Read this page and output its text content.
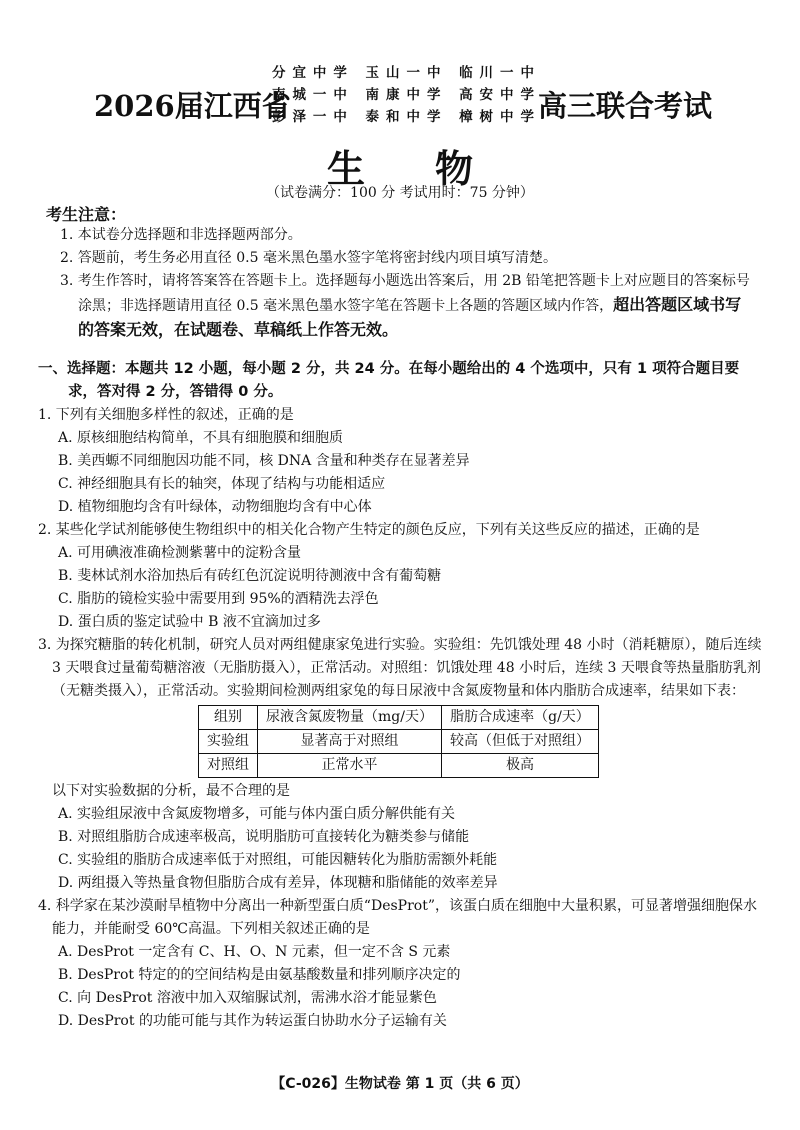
2026届江西省
分宜中学 玉山一中 临川一中
南城一中 南康中学 高安中学
彭泽一中 泰和中学 樟树中学 高三联合考试
生物
（试卷满分：100 分 考试用时：75 分钟）
考生注意：

1. 本试卷分选择题和非选择题两部分。

2. 答题前，考生务必用直径 0.5 毫米黑色墨水签字笔将密封线内项目填写清楚。

3. 考生作答时，请将答案答在答题卡上。选择题每小题选出答案后，用 2B 铅笔把答题卡上对应题目的答案标号涂黑；非选择题请用直径 0.5 毫米黑色墨水签字笔在答题卡上各题的答题区域内作答，超出答题区域书写的答案无效，在试题卷、草稿纸上作答无效。

一、选择题：本题共 12 小题，每小题 2 分，共 24 分。在每小题给出的 4 个选项中，只有 1 项符合题目要求，答对得 2 分，答错得 0 分。

1. 下列有关细胞多样性的叙述，正确的是

A. 原核细胞结构简单，不具有细胞膜和细胞质

B. 美西螈不同细胞因功能不同，核 DNA 含量和种类存在显著差异

C. 神经细胞具有长的轴突，体现了结构与功能相适应

D. 植物细胞均含有叶绿体，动物细胞均含有中心体

2. 某些化学试剂能够使生物组织中的相关化合物产生特定的颜色反应，下列有关这些反应的描述，正确的是

A. 可用碘液准确检测紫薯中的淀粉含量

B. 斐林试剂水浴加热后有砖红色沉淀说明待测液中含有葡萄糖

C. 脂肪的镜检实验中需要用到 95%的酒精洗去浮色

D. 蛋白质的鉴定试验中 B 液不宜滴加过多

3. 为探究糖脂的转化机制，研究人员对两组健康家兔进行实验。实验组：先饥饿处理 48 小时（消耗糖原），随后连续 3 天喂食过量葡萄糖溶液（无脂肪摄入），正常活动。对照组：饥饿处理 48 小时后，连续 3 天喂食等热量脂肪乳剂（无糖类摄入），正常活动。实验期间检测两组家兔的每日尿液中含氮废物量和体内脂肪合成速率，结果如下表：

组别	尿液含氮废物量（mg/天）	脂肪合成速率（g/天）
实验组	显著高于对照组	较高（但低于对照组）
对照组	正常水平	极高

以下对实验数据的分析，最不合理的是

A. 实验组尿液中含氮废物增多，可能与体内蛋白质分解供能有关

B. 对照组脂肪合成速率极高，说明脂肪可直接转化为糖类参与储能

C. 实验组的脂肪合成速率低于对照组，可能因糖转化为脂肪需额外耗能

D. 两组摄入等热量食物但脂肪合成有差异，体现糖和脂储能的效率差异

4. 科学家在某沙漠耐旱植物中分离出一种新型蛋白质“DesProt”，该蛋白质在细胞中大量积累，可显著增强细胞保水能力，并能耐受 60℃高温。下列相关叙述正确的是

A. DesProt 一定含有 C、H、O、N 元素，但一定不含 S 元素

B. DesProt 特定的的空间结构是由氨基酸数量和排列顺序决定的

C. 向 DesProt 溶液中加入双缩脲试剂，需沸水浴才能显紫色

D. DesProt 的功能可能与其作为转运蛋白协助水分子运输有关

【C-026】生物试卷 第 1 页（共 6 页）
